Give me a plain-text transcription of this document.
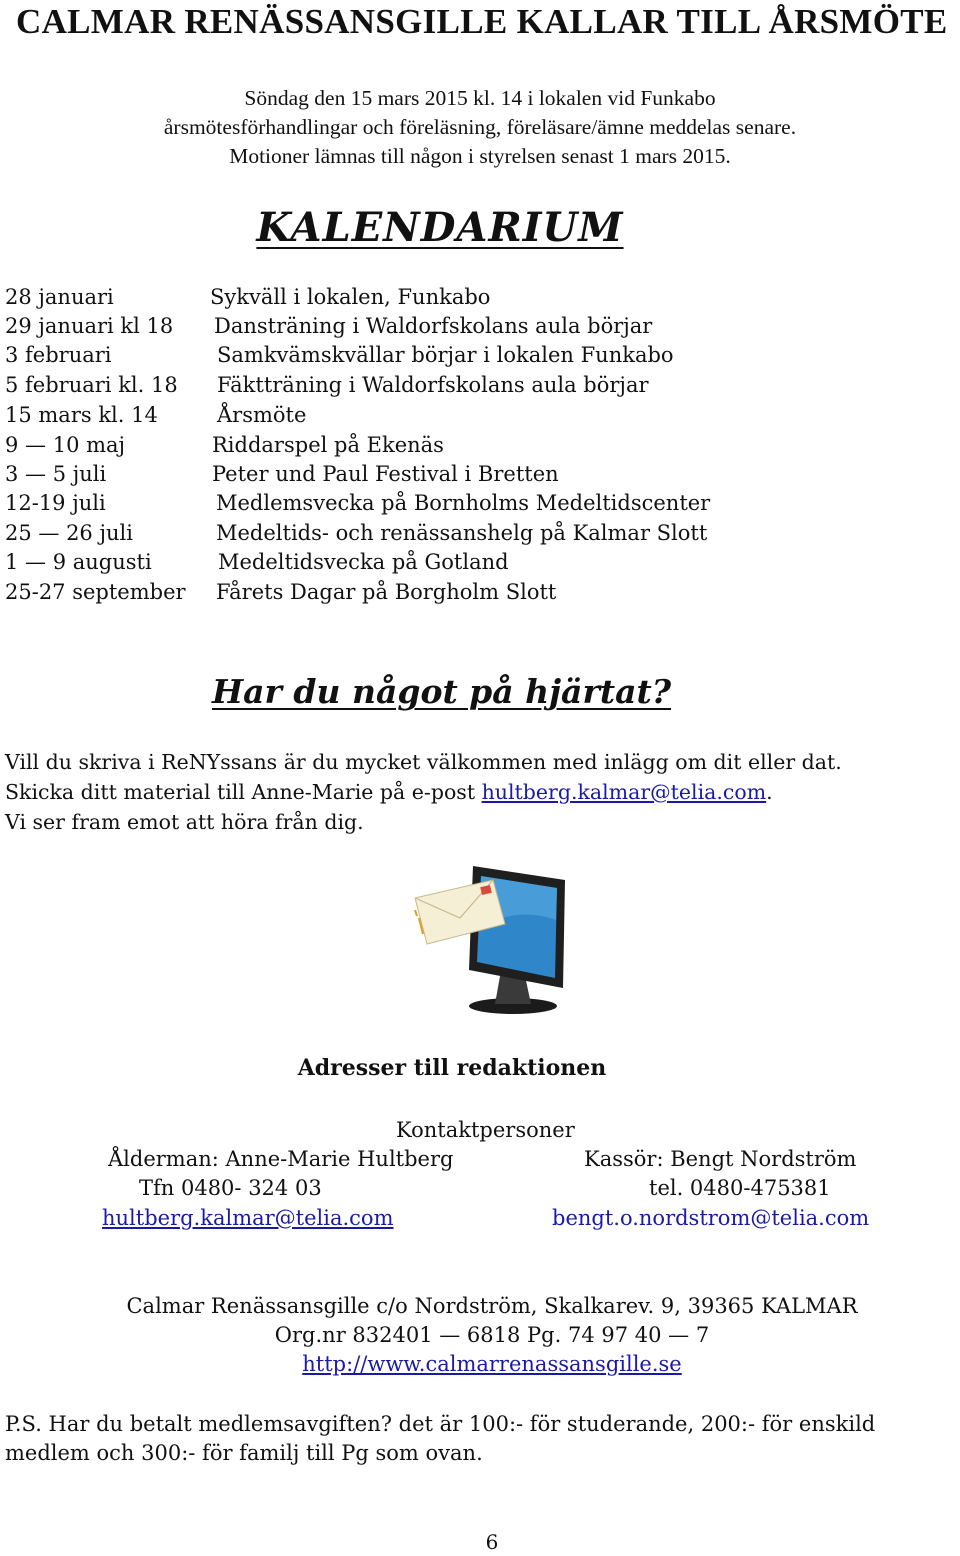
CALMAR RENÄSSANSGILLE KALLAR TILL ÅRSMÖTE
Söndag den 15 mars 2015 kl. 14 i lokalen vid Funkabo
årsmötesförhandlingar och föreläsning, föreläsare/ämne meddelas senare.
Motioner lämnas till någon i styrelsen senast 1 mars 2015.
KALENDARIUM
28 januari	Sykväll i lokalen, Funkabo
29 januari kl 18 Dansträning i Waldorfskolans aula börjar
3 februari	Samkvämskvällar börjar i lokalen Funkabo
5 februari kl. 18 Fäktträning i Waldorfskolans aula börjar
15 mars kl. 14	Årsmöte
9 — 10 maj	Riddarspel på Ekenäs
3 — 5 juli	Peter und Paul Festival i Bretten
12-19 juli	Medlemsvecka på Bornholms Medeltidscenter
25 — 26 juli	Medeltids- och renässanshelg på Kalmar Slott
1 — 9 augusti	Medeltidsvecka på Gotland
25-27 september Fårets Dagar på Borgholm Slott
Har du något på hjärtat?
Vill du skriva i ReNYssans är du mycket välkommen med inlägg om dit eller dat.
Skicka ditt material till Anne-Marie på e-post hultberg.kalmar@telia.com.
Vi ser fram emot att höra från dig.
Adresser till redaktionen
Kontaktpersoner
Ålderman: Anne-Marie Hultberg	Kassör: Bengt Nordström
Tfn 0480- 324 03	tel. 0480-475381
hultberg.kalmar@telia.com	bengt.o.nordstrom@telia.com
Calmar Renässansgille c/o Nordström, Skalkarev. 9, 39365 KALMAR
Org.nr 832401 — 6818 Pg. 74 97 40 — 7
http://www.calmarrenassansgille.se
P.S. Har du betalt medlemsavgiften? det är 100:- för studerande, 200:- för enskild
medlem och 300:- för familj till Pg som ovan.
6
